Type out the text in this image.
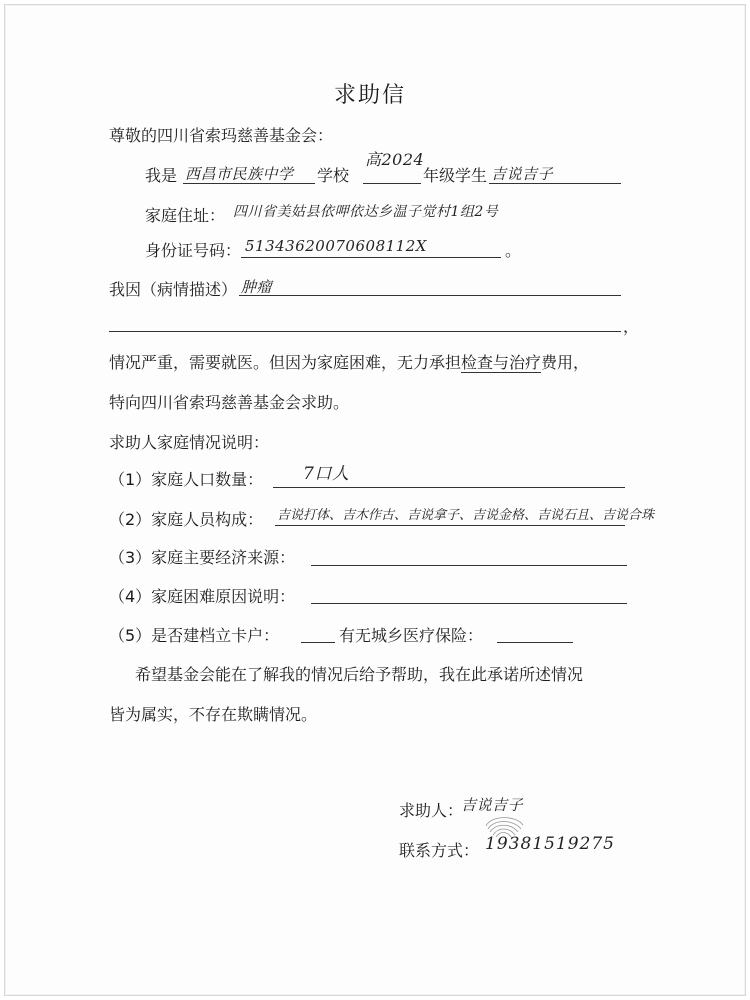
求助信
尊敬的四川省索玛慈善基金会：
我是 西昌市民族中学 学校
高2024
年级学生 吉说吉子
家庭住址： 四川省美姑县依呷依达乡温子觉村1组2号
身份证号码： 51343620070608112X	。
我因（病情描述） 肿瘤
，
情况严重，需要就医。但因为家庭困难，无力承担检查与治疗费用，
特向四川省索玛慈善基金会求助。
求助人家庭情况说明：
（1）家庭人口数量： 7口人
（2）家庭人员构成： 吉说打体、吉木作古、吉说拿子、吉说金格、吉说石且、吉说合珠
（3）家庭主要经济来源：
（4）家庭困难原因说明：
（5）是否建档立卡户：	有无城乡医疗保险：
希望基金会能在了解我的情况后给予帮助，我在此承诺所述情况
皆为属实，不存在欺瞒情况。
求助人：
吉说吉子
联系方式： 19381519275
